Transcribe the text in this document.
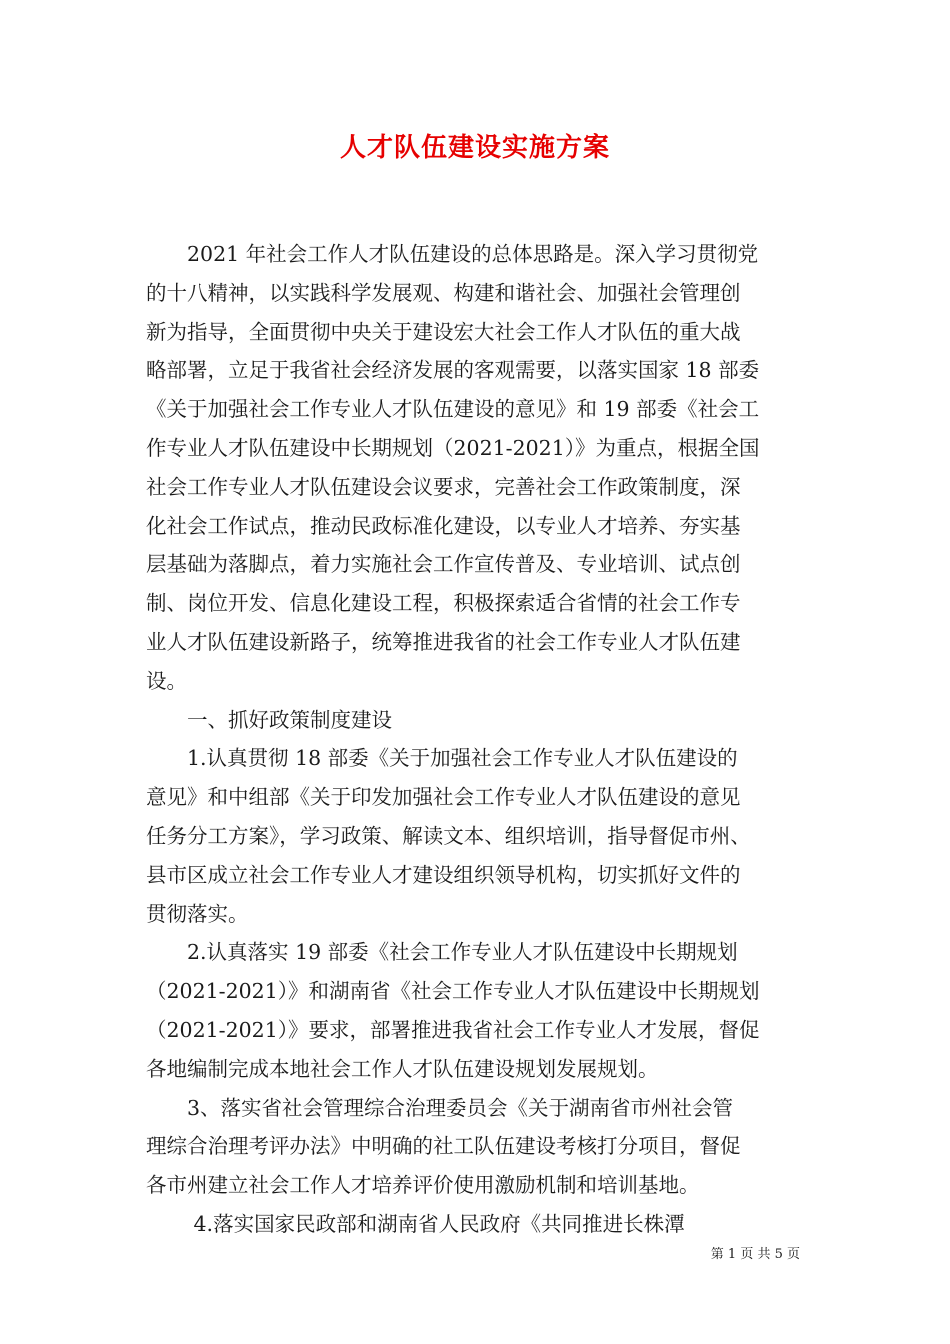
人才队伍建设实施方案
　　2021 年社会工作人才队伍建设的总体思路是。深入学习贯彻党
的十八精神，以实践科学发展观、构建和谐社会、加强社会管理创
新为指导，全面贯彻中央关于建设宏大社会工作人才队伍的重大战
略部署，立足于我省社会经济发展的客观需要，以落实国家 18 部委
《关于加强社会工作专业人才队伍建设的意见》和 19 部委《社会工
作专业人才队伍建设中长期规划（2021-2021）》为重点，根据全国
社会工作专业人才队伍建设会议要求，完善社会工作政策制度，深
化社会工作试点，推动民政标准化建设，以专业人才培养、夯实基
层基础为落脚点，着力实施社会工作宣传普及、专业培训、试点创
制、岗位开发、信息化建设工程，积极探索适合省情的社会工作专
业人才队伍建设新路子，统筹推进我省的社会工作专业人才队伍建
设。
　　一、抓好政策制度建设
　　1.认真贯彻 18 部委《关于加强社会工作专业人才队伍建设的
意见》和中组部《关于印发加强社会工作专业人才队伍建设的意见
任务分工方案》，学习政策、解读文本、组织培训，指导督促市州、
县市区成立社会工作专业人才建设组织领导机构，切实抓好文件的
贯彻落实。
　　2.认真落实 19 部委《社会工作专业人才队伍建设中长期规划
（2021-2021）》和湖南省《社会工作专业人才队伍建设中长期规划
（2021-2021）》要求，部署推进我省社会工作专业人才发展，督促
各地编制完成本地社会工作人才队伍建设规划发展规划。
　　3、落实省社会管理综合治理委员会《关于湖南省市州社会管
理综合治理考评办法》中明确的社工队伍建设考核打分项目，督促
各市州建立社会工作人才培养评价使用激励机制和培训基地。
　　 4.落实国家民政部和湖南省人民政府《共同推进长株潭
第 1 页 共 5 页
